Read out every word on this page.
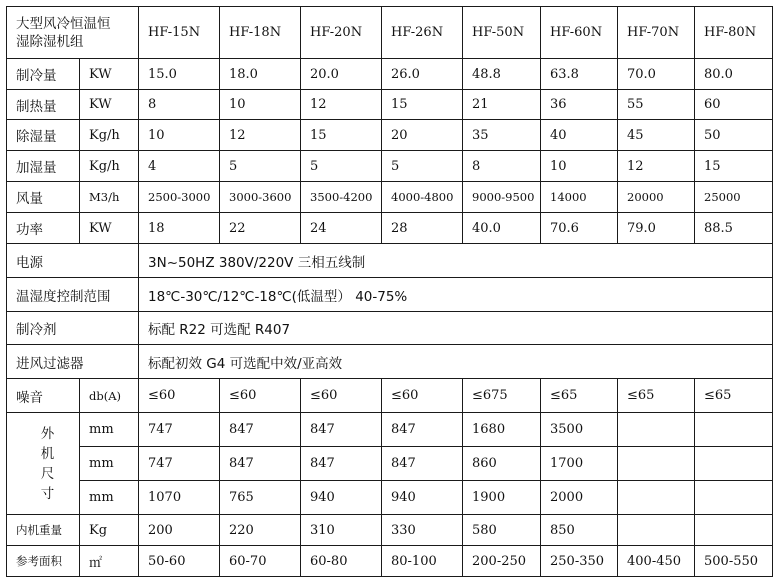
大型风冷恒温恒
湿除湿机组		HF-15N	HF-18N	HF-20N	HF-26N	HF-50N	HF-60N	HF-70N	HF-80N
制冷量	KW	15.0	18.0	20.0	26.0	48.8	63.8	70.0	80.0
制热量	KW	8	10	12	15	21	36	55	60
除湿量	Kg/h	10	12	15	20	35	40	45	50
加湿量	Kg/h	4	5	5	5	8	10	12	15
风量	M3/h	2500-3000	3000-3600	3500-4200	4000-4800	9000-9500	14000	20000	25000
功率	KW	18	22	24	28	40.0	70.6	79.0	88.5
电源		3N~50HZ 380V/220V 三相五线制							
温湿度控制范围		18℃-30℃/12℃-18℃(低温型） 40-75%							
制冷剂		标配 R22 可选配 R407							
进风过滤器		标配初效 G4 可选配中效/亚高效							
噪音	db(A)	≤60	≤60	≤60	≤60	≤675	≤65	≤65	≤65

外
机
尺
寸	mm	747	847	847	847	1680	3500		
	mm	747	847	847	847	860	1700		
	mm	1070	765	940	940	1900	2000		
内机重量	Kg	200	220	310	330	580	850		
参考面积	㎡	50-60	60-70	60-80	80-100	200-250	250-350	400-450	500-550
